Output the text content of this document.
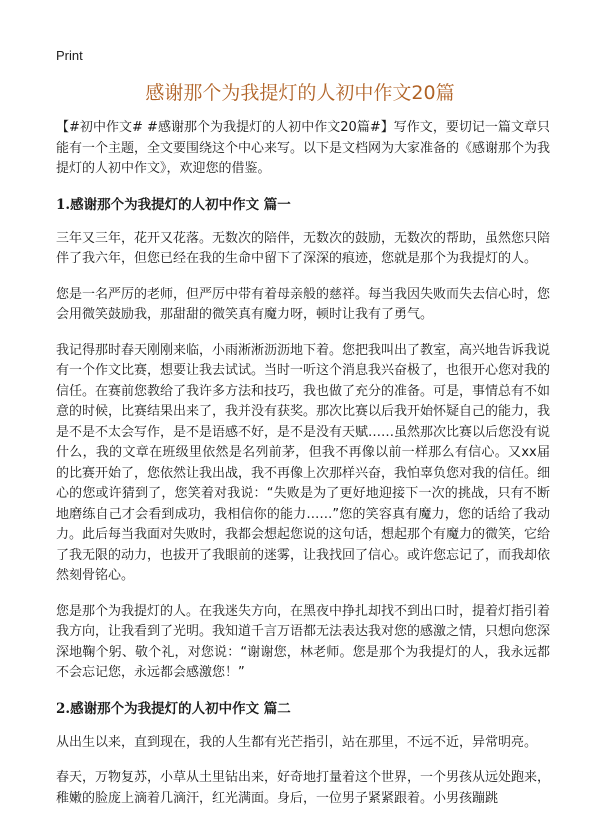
Print
感谢那个为我提灯的人初中作文20篇

【#初中作文# #感谢那个为我提灯的人初中作文20篇#】写作文，要切记一篇文章只能有一个主题，全文要围绕这个中心来写。以下是文档网为大家准备的《感谢那个为我提灯的人初中作文》，欢迎您的借鉴。

1.感谢那个为我提灯的人初中作文 篇一

三年又三年，花开又花落。无数次的陪伴，无数次的鼓励，无数次的帮助，虽然您只陪伴了我六年，但您已经在我的生命中留下了深深的痕迹，您就是那个为我提灯的人。

您是一名严厉的老师，但严厉中带有着母亲般的慈祥。每当我因失败而失去信心时，您会用微笑鼓励我，那甜甜的微笑真有魔力呀，顿时让我有了勇气。

我记得那时春天刚刚来临，小雨淅淅沥沥地下着。您把我叫出了教室，高兴地告诉我说有一个作文比赛，想要让我去试试。当时一听这个消息我兴奋极了，也很开心您对我的信任。在赛前您教给了我许多方法和技巧，我也做了充分的准备。可是，事情总有不如意的时候，比赛结果出来了，我并没有获奖。那次比赛以后我开始怀疑自己的能力，我是不是不太会写作，是不是语感不好，是不是没有天赋……虽然那次比赛以后您没有说什么，我的文章在班级里依然是名列前茅，但我不再像以前一样那么有信心。又xx届的比赛开始了，您依然让我出战，我不再像上次那样兴奋，我怕辜负您对我的信任。细心的您或许猜到了，您笑着对我说：“失败是为了更好地迎接下一次的挑战，只有不断地磨练自己才会看到成功，我相信你的能力……”您的笑容真有魔力，您的话给了我动力。此后每当我面对失败时，我都会想起您说的这句话，想起那个有魔力的微笑，它给了我无限的动力，也拔开了我眼前的迷雾，让我找回了信心。或许您忘记了，而我却依然刻骨铭心。

您是那个为我提灯的人。在我迷失方向，在黑夜中挣扎却找不到出口时，提着灯指引着我方向，让我看到了光明。我知道千言万语都无法表达我对您的感激之情，只想向您深深地鞠个躬、敬个礼，对您说：“谢谢您，林老师。您是那个为我提灯的人，我永远都不会忘记您，永远都会感激您！”

2.感谢那个为我提灯的人初中作文 篇二

从出生以来，直到现在，我的人生都有光芒指引，站在那里，不远不近，异常明亮。

春天，万物复苏，小草从土里钻出来，好奇地打量着这个世界，一个男孩从远处跑来，稚嫩的脸庞上滴着几滴汗，红光满面。身后，一位男子紧紧跟着。小男孩蹦跳
